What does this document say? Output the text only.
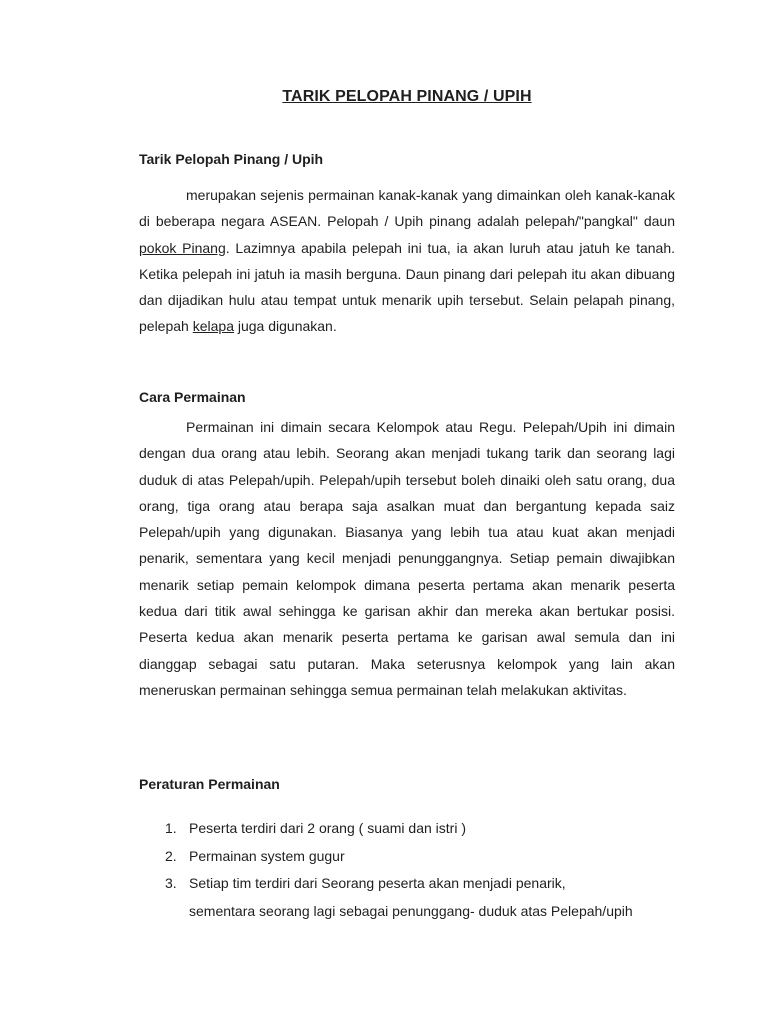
TARIK PELOPAH PINANG / UPIH
Tarik Pelopah Pinang / Upih
merupakan sejenis permainan kanak-kanak yang dimainkan oleh kanak-kanak di beberapa negara ASEAN. Pelopah / Upih pinang adalah pelepah/"pangkal" daun pokok Pinang. Lazimnya apabila pelepah ini tua, ia akan luruh atau jatuh ke tanah. Ketika pelepah ini jatuh ia masih berguna. Daun pinang dari pelepah itu akan dibuang dan dijadikan hulu atau tempat untuk menarik upih tersebut. Selain pelapah pinang, pelepah kelapa juga digunakan.
Cara Permainan
Permainan ini dimain secara Kelompok atau Regu. Pelepah/Upih ini dimain dengan dua orang atau lebih. Seorang akan menjadi tukang tarik dan seorang lagi duduk di atas Pelepah/upih. Pelepah/upih tersebut boleh dinaiki oleh satu orang, dua orang, tiga orang atau berapa saja asalkan muat dan bergantung kepada saiz Pelepah/upih yang digunakan. Biasanya yang lebih tua atau kuat akan menjadi penarik, sementara yang kecil menjadi penunggangnya. Setiap pemain diwajibkan menarik setiap pemain kelompok dimana peserta pertama akan menarik peserta kedua dari titik awal sehingga ke garisan akhir dan mereka akan bertukar posisi. Peserta kedua akan menarik peserta pertama ke garisan awal semula dan ini dianggap sebagai satu putaran. Maka seterusnya kelompok yang lain akan meneruskan permainan sehingga semua permainan telah melakukan aktivitas.
Peraturan Permainan
1. Peserta terdiri dari 2 orang ( suami dan istri )
2. Permainan system gugur
3. Setiap tim terdiri dari Seorang peserta akan menjadi penarik,
sementara seorang lagi sebagai penunggang- duduk atas Pelepah/upih
